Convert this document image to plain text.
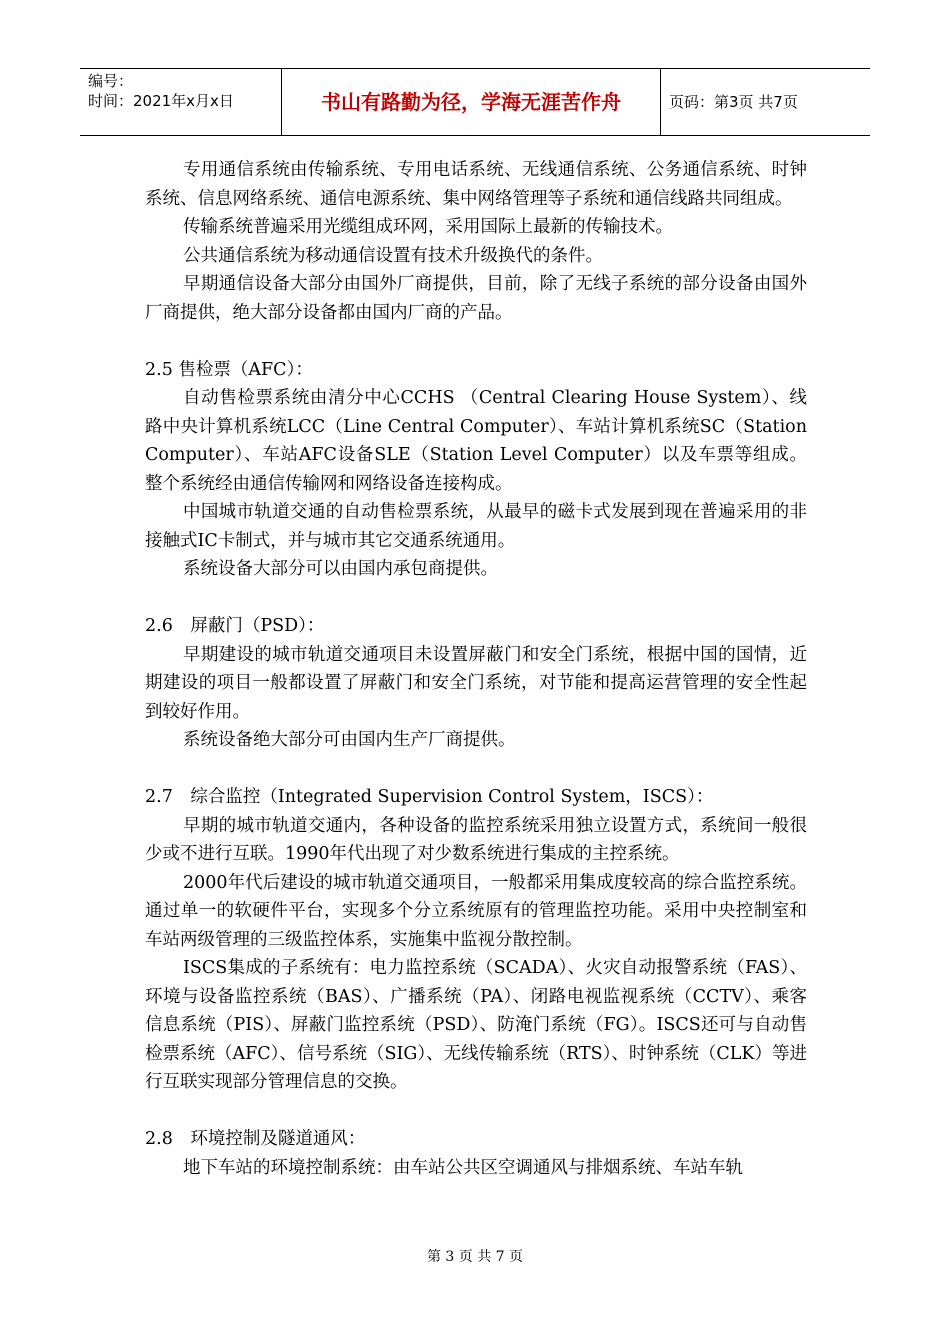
编号：
时间：2021年x月x日	书山有路勤为径，学海无涯苦作舟	页码：第3页 共7页

专用通信系统由传输系统、专用电话系统、无线通信系统、公务通信系统、时钟系统、信息网络系统、通信电源系统、集中网络管理等子系统和通信线路共同组成。

传输系统普遍采用光缆组成环网，采用国际上最新的传输技术。

公共通信系统为移动通信设置有技术升级换代的条件。

早期通信设备大部分由国外厂商提供，目前，除了无线子系统的部分设备由国外厂商提供，绝大部分设备都由国内厂商的产品。

2.5 售检票（AFC）：

自动售检票系统由清分中心CCHS （Central Clearing House System）、线路中央计算机系统LCC（Line Central Computer）、车站计算机系统SC（Station Computer）、车站AFC设备SLE（Station Level Computer）以及车票等组成。整个系统经由通信传输网和网络设备连接构成。

中国城市轨道交通的自动售检票系统，从最早的磁卡式发展到现在普遍采用的非接触式IC卡制式，并与城市其它交通系统通用。

系统设备大部分可以由国内承包商提供。

2.6　屏蔽门（PSD）：

早期建设的城市轨道交通项目未设置屏蔽门和安全门系统，根据中国的国情，近期建设的项目一般都设置了屏蔽门和安全门系统，对节能和提高运营管理的安全性起到较好作用。

系统设备绝大部分可由国内生产厂商提供。

2.7　综合监控（Integrated Supervision Control System，ISCS）：

早期的城市轨道交通内，各种设备的监控系统采用独立设置方式，系统间一般很少或不进行互联。1990年代出现了对少数系统进行集成的主控系统。

2000年代后建设的城市轨道交通项目，一般都采用集成度较高的综合监控系统。通过单一的软硬件平台，实现多个分立系统原有的管理监控功能。采用中央控制室和车站两级管理的三级监控体系，实施集中监视分散控制。

ISCS集成的子系统有：电力监控系统（SCADA）、火灾自动报警系统（FAS）、环境与设备监控系统（BAS）、广播系统（PA）、闭路电视监视系统（CCTV）、乘客信息系统（PIS）、屏蔽门监控系统（PSD）、防淹门系统（FG）。ISCS还可与自动售检票系统（AFC）、信号系统（SIG）、无线传输系统（RTS）、时钟系统（CLK）等进行互联实现部分管理信息的交换。

2.8　环境控制及隧道通风：

地下车站的环境控制系统：由车站公共区空调通风与排烟系统、车站车轨

第 3 页 共 7 页
